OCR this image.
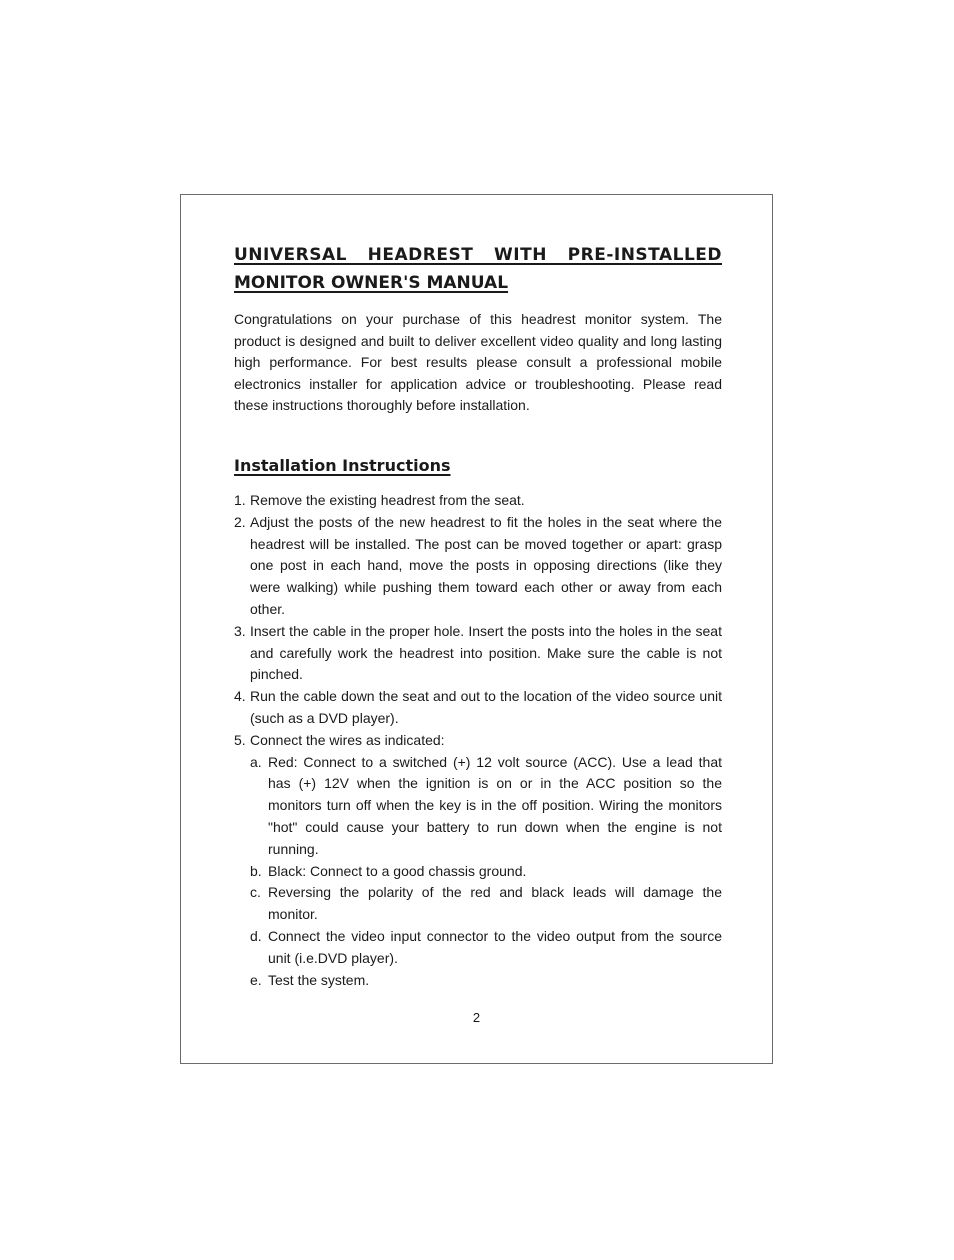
UNIVERSAL HEADREST WITH PRE-INSTALLED
MONITOR OWNER'S MANUAL

Congratulations on your purchase of this headrest monitor system. The product is designed and built to deliver excellent video quality and long lasting high performance. For best results please consult a professional mobile electronics installer for application advice or troubleshooting. Please read these instructions thoroughly before installation.

Installation Instructions
1. Remove the existing headrest from the seat.
2. Adjust the posts of the new headrest to fit the holes in the seat where the headrest will be installed. The post can be moved together or apart: grasp one post in each hand, move the posts in opposing directions (like they were walking) while pushing them toward each other or away from each other.
3. Insert the cable in the proper hole. Insert the posts into the holes in the seat and carefully work the headrest into position. Make sure the cable is not pinched.
4. Run the cable down the seat and out to the location of the video source unit (such as a DVD player).
5. Connect the wires as indicated:
a. Red: Connect to a switched (+) 12 volt source (ACC). Use a lead that has (+) 12V when the ignition is on or in the ACC position so the monitors turn off when the key is in the off position. Wiring the monitors "hot" could cause your battery to run down when the engine is not running.
b. Black: Connect to a good chassis ground.
c. Reversing the polarity of the red and black leads will damage the monitor.
d. Connect the video input connector to the video output from the source unit (i.e.DVD player).
e. Test the system.
2
